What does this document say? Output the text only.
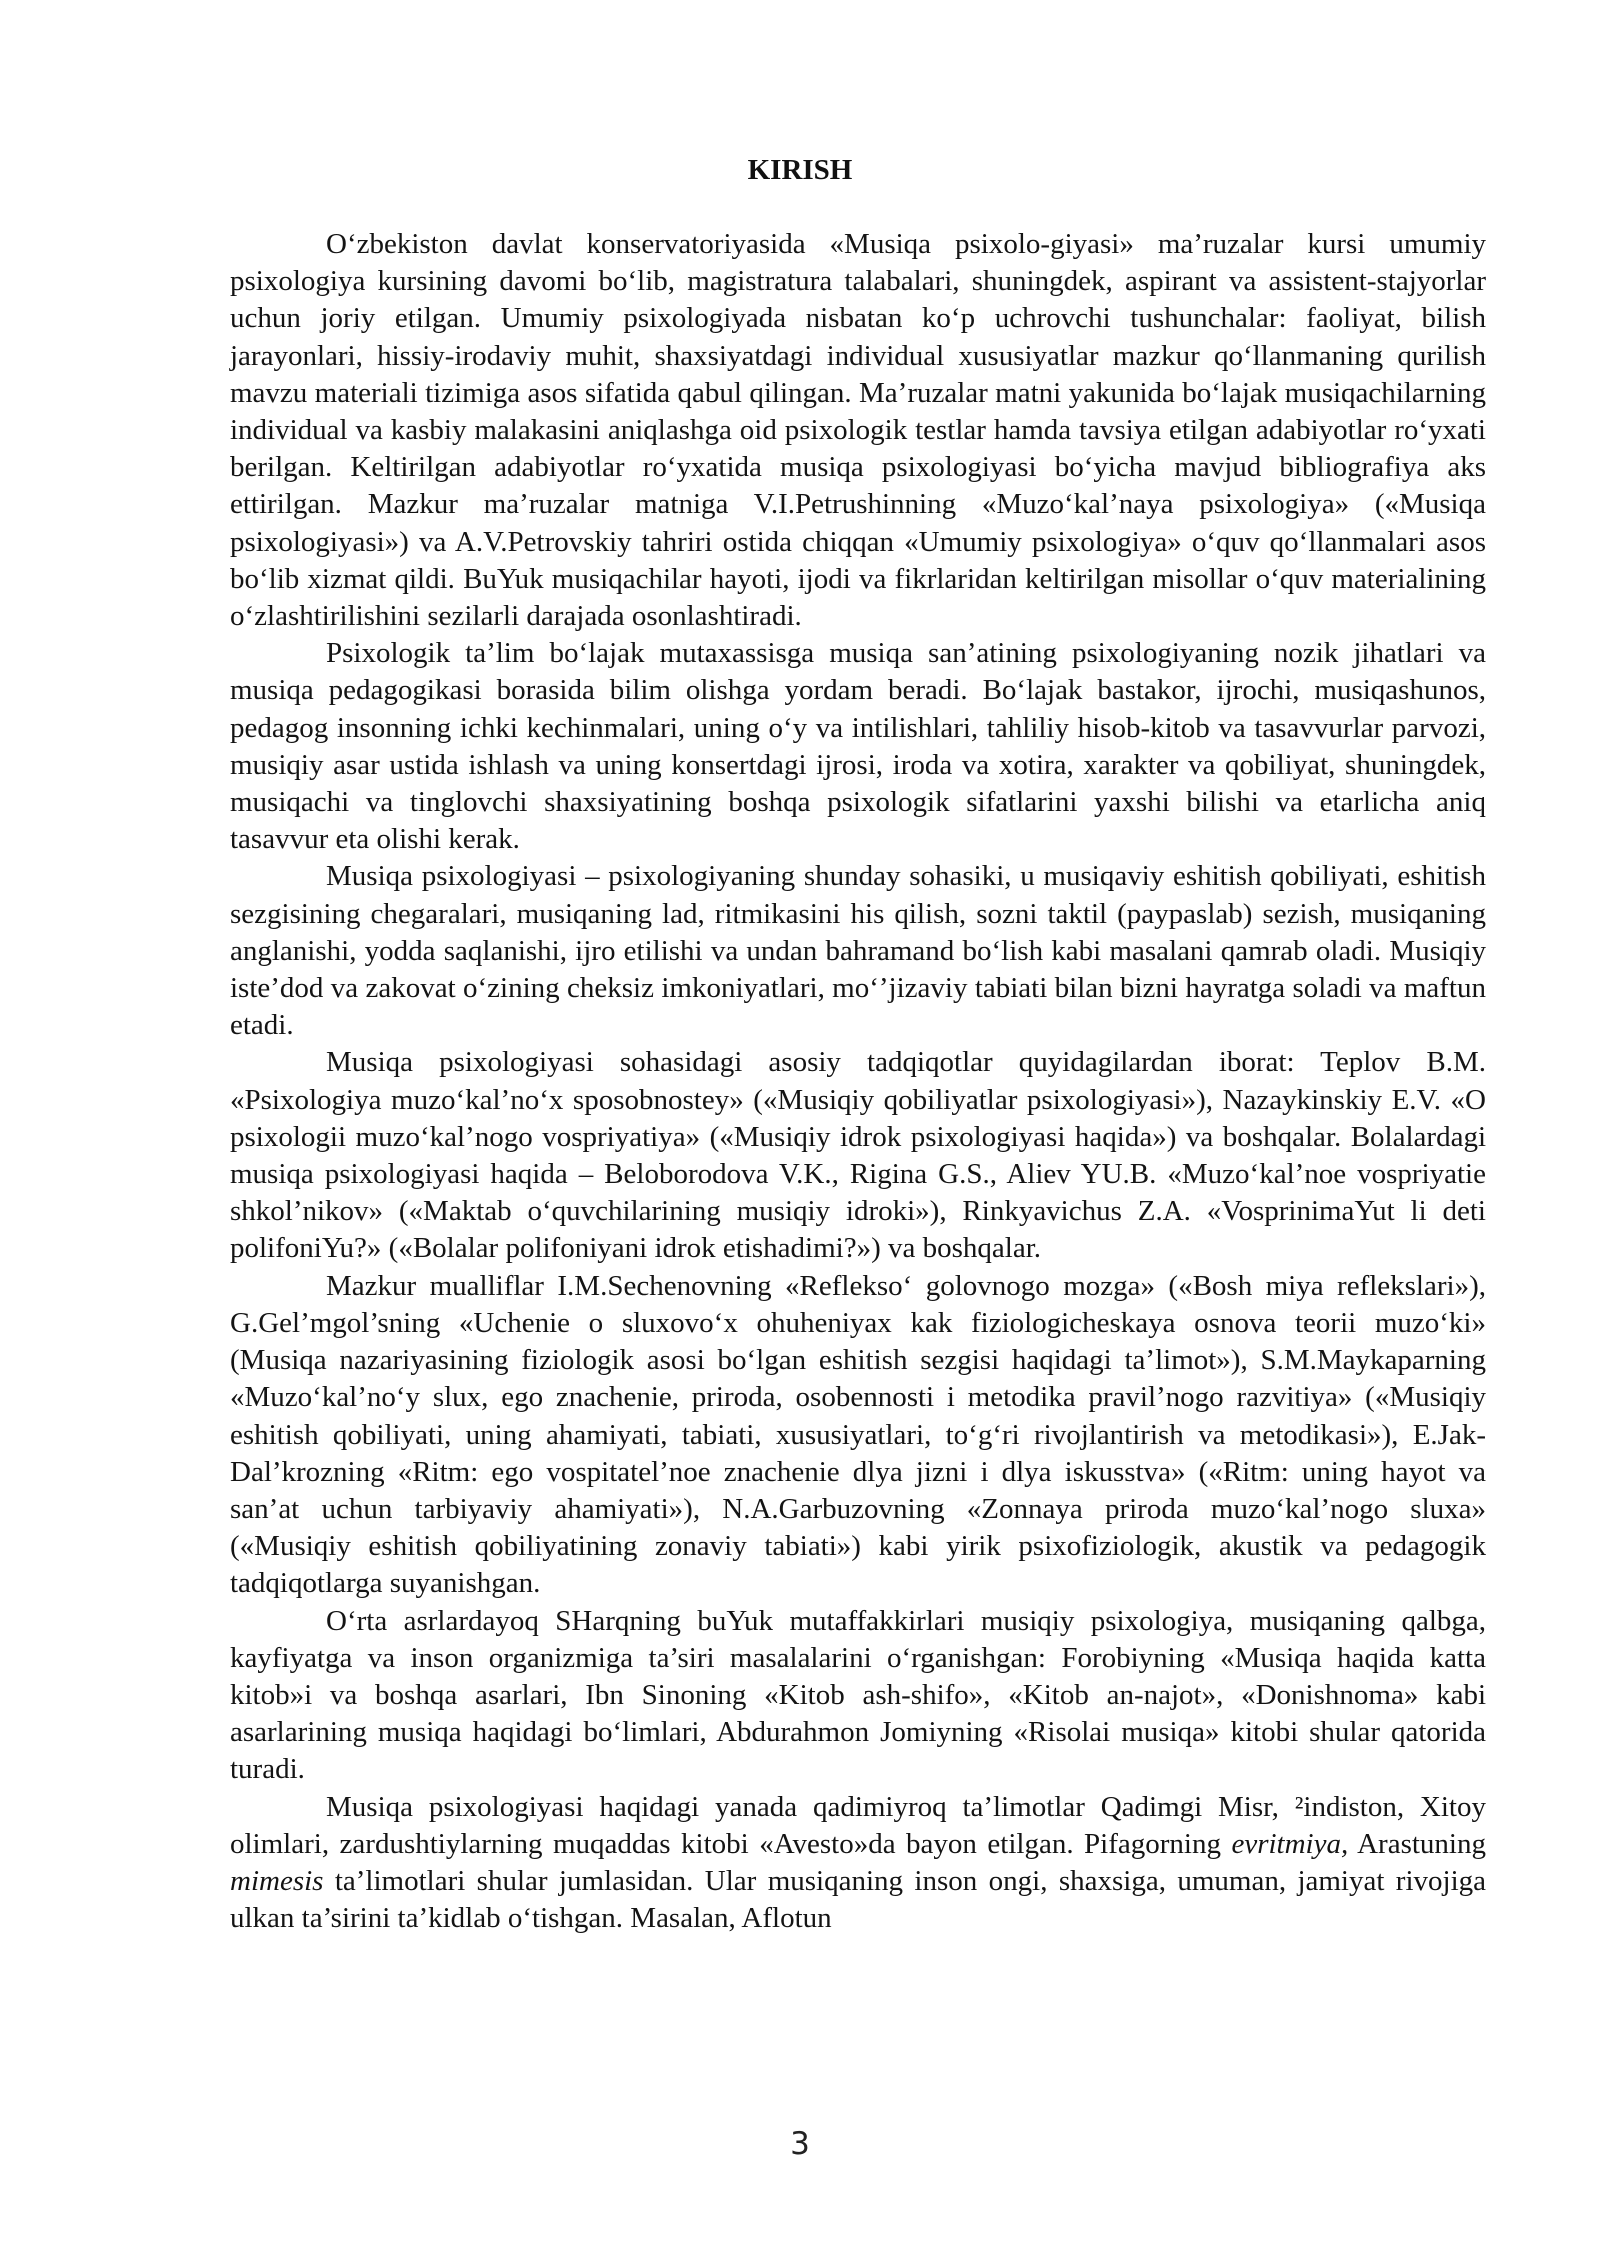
KIRISH

O‘zbekiston davlat konservatoriyasida «Musiqa psixolo-giyasi» ma’ruzalar kursi umumiy psixologiya kursining davomi bo‘lib, magistratura talabalari, shuningdek, aspirant va assistent-stajyorlar uchun joriy etilgan. Umumiy psixologiyada nisbatan ko‘p uchrovchi tushunchalar: faoliyat, bilish jarayonlari, hissiy-irodaviy muhit, shaxsiyatdagi individual xususiyatlar mazkur qo‘llanmaning qurilish mavzu materiali tizimiga asos sifatida qabul qilingan. Ma’ruzalar matni yakunida bo‘lajak musiqachilarning individual va kasbiy malakasini aniqlashga oid psixologik testlar hamda tavsiya etilgan adabiyotlar ro‘yxati berilgan. Keltirilgan adabiyotlar ro‘yxatida musiqa psixologiyasi bo‘yicha mavjud bibliografiya aks ettirilgan. Mazkur ma’ruzalar matniga V.I.Petrushinning «Muzo‘kal’naya psixologiya» («Musiqa psixologiyasi») va A.V.Petrovskiy tahriri ostida chiqqan «Umumiy psixologiya» o‘quv qo‘llanmalari asos bo‘lib xizmat qildi. BuYuk musiqachilar hayoti, ijodi va fikrlaridan keltirilgan misollar o‘quv materialining o‘zlashtirilishini sezilarli darajada osonlashtiradi.

Psixologik ta’lim bo‘lajak mutaxassisga musiqa san’atining psixologiyaning nozik jihatlari va musiqa pedagogikasi borasida bilim olishga yordam beradi. Bo‘lajak bastakor, ijrochi, musiqashunos, pedagog insonning ichki kechinmalari, uning o‘y va intilishlari, tahliliy hisob-kitob va tasavvurlar parvozi, musiqiy asar ustida ishlash va uning konsertdagi ijrosi, iroda va xotira, xarakter va qobiliyat, shuningdek, musiqachi va tinglovchi shaxsiyatining boshqa psixologik sifatlarini yaxshi bilishi va etarlicha aniq tasavvur eta olishi kerak.

Musiqa psixologiyasi – psixologiyaning shunday sohasiki, u musiqaviy eshitish qobiliyati, eshitish sezgisining chegaralari, musiqaning lad, ritmikasini his qilish, sozni taktil (paypaslab) sezish, musiqaning anglanishi, yodda saqlanishi, ijro etilishi va undan bahramand bo‘lish kabi masalani qamrab oladi. Musiqiy iste’dod va zakovat o‘zining cheksiz imkoniyatlari, mo‘’jizaviy tabiati bilan bizni hayratga soladi va maftun etadi.

Musiqa psixologiyasi sohasidagi asosiy tadqiqotlar quyidagilardan iborat: Teplov B.M. «Psixologiya muzo‘kal’no‘x sposobnostey» («Musiqiy qobiliyatlar psixologiyasi»), Nazaykinskiy E.V. «O psixologii muzo‘kal’nogo vospriyatiya» («Musiqiy idrok psixologiyasi haqida») va boshqalar. Bolalardagi musiqa psixologiyasi haqida – Beloborodova V.K., Rigina G.S., Aliev YU.B. «Muzo‘kal’noe vospriyatie shkol’nikov» («Maktab o‘quvchilarining musiqiy idroki»), Rinkyavichus Z.A. «VosprinimaYut li deti polifoniYu?» («Bolalar polifoniyani idrok etishadimi?») va boshqalar.

Mazkur mualliflar I.M.Sechenovning «Reflekso‘ golovnogo mozga» («Bosh miya reflekslari»), G.Gel’mgol’sning «Uchenie o sluxovo‘x ohuheniyax kak fiziologicheskaya osnova teorii muzo‘ki» (Musiqa nazariyasining fiziologik asosi bo‘lgan eshitish sezgisi haqidagi ta’limot»), S.M.Maykaparning «Muzo‘kal’no‘y slux, ego znachenie, priroda, osobennosti i metodika pravil’nogo razvitiya» («Musiqiy eshitish qobiliyati, uning ahamiyati, tabiati, xususiyatlari, to‘g‘ri rivojlantirish va metodikasi»), E.Jak-Dal’krozning «Ritm: ego vospitatel’noe znachenie dlya jizni i dlya iskusstva» («Ritm: uning hayot va san’at uchun tarbiyaviy ahamiyati»), N.A.Garbuzovning «Zonnaya priroda muzo‘kal’nogo sluxa» («Musiqiy eshitish qobiliyatining zonaviy tabiati») kabi yirik psixofiziologik, akustik va pedagogik tadqiqotlarga suyanishgan.

O‘rta asrlardayoq SHarqning buYuk mutaffakkirlari musiqiy psixologiya, musiqaning qalbga, kayfiyatga va inson organizmiga ta’siri masalalarini o‘rganishgan: Forobiyning «Musiqa haqida katta kitob»i va boshqa asarlari, Ibn Sinoning «Kitob ash-shifo», «Kitob an-najot», «Donishnoma» kabi asarlarining musiqa haqidagi bo‘limlari, Abdurahmon Jomiyning «Risolai musiqa» kitobi shular qatorida turadi.

Musiqa psixologiyasi haqidagi yanada qadimiyroq ta’limotlar Qadimgi Misr, ²indiston, Xitoy olimlari, zardushtiylarning muqaddas kitobi «Avesto»da bayon etilgan. Pifagorning evritmiya, Arastuning mimesis ta’limotlari shular jumlasidan. Ular musiqaning inson ongi, shaxsiga, umuman, jamiyat rivojiga ulkan ta’sirini ta’kidlab o‘tishgan. Masalan, Aflotun

3
